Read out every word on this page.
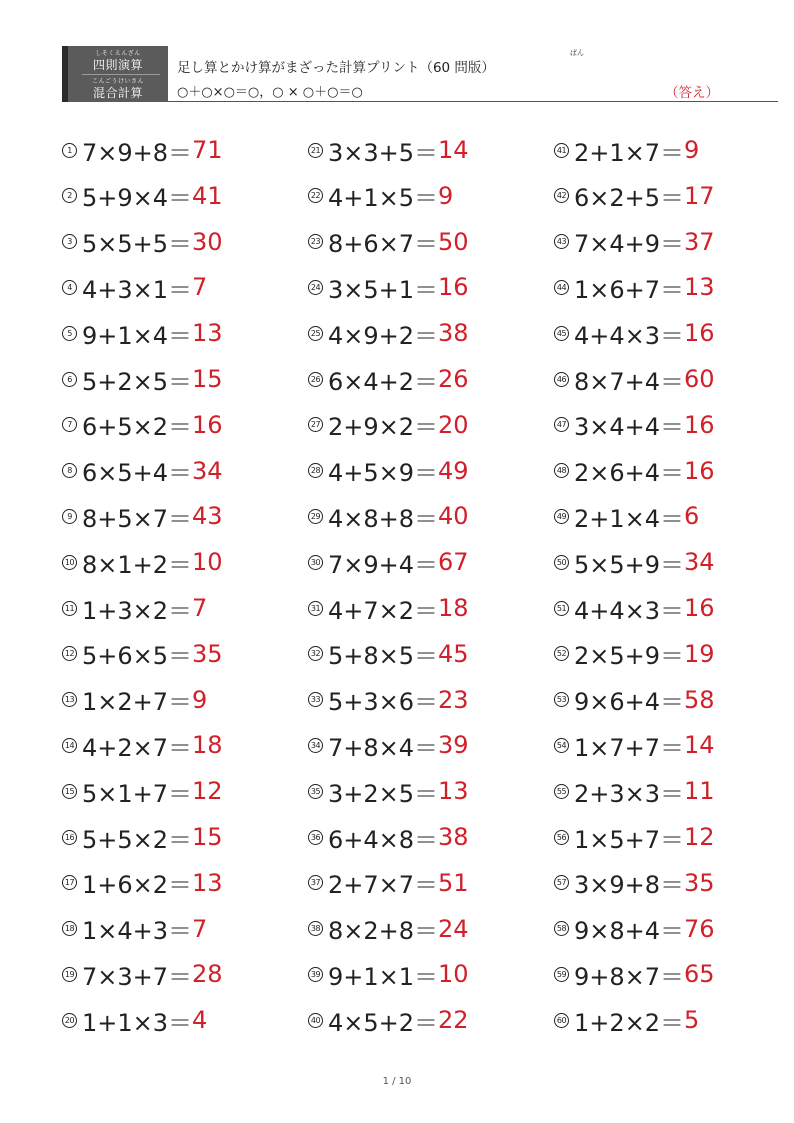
しそくえんざん
四則演算
こんごうけいさん
混合計算
ばん
足し算とかけ算がまざった計算プリント（60 問版）
○＋○×○＝○，○ × ○＋○＝○	（答え）
1 7×9+8＝ 71
2 5+9×4＝ 41
3 5×5+5＝ 30
4 4+3×1＝ 7
5 9+1×4＝ 13
6 5+2×5＝ 15
7 6+5×2＝ 16
8 6×5+4＝ 34
9 8+5×7＝ 43
10 8×1+2＝ 10
11 1+3×2＝ 7
12 5+6×5＝ 35
13 1×2+7＝ 9
14 4+2×7＝ 18
15 5×1+7＝ 12
16 5+5×2＝ 15
17 1+6×2＝ 13
18 1×4+3＝ 7
19 7×3+7＝ 28
20 1+1×3＝ 4
21 3×3+5＝ 14
22 4+1×5＝ 9
23 8+6×7＝ 50
24 3×5+1＝ 16
25 4×9+2＝ 38
26 6×4+2＝ 26
27 2+9×2＝ 20
28 4+5×9＝ 49
29 4×8+8＝ 40
30 7×9+4＝ 67
31 4+7×2＝ 18
32 5+8×5＝ 45
33 5+3×6＝ 23
34 7+8×4＝ 39
35 3+2×5＝ 13
36 6+4×8＝ 38
37 2+7×7＝ 51
38 8×2+8＝ 24
39 9+1×1＝ 10
40 4×5+2＝ 22
41 2+1×7＝ 9
42 6×2+5＝ 17
43 7×4+9＝ 37
44 1×6+7＝ 13
45 4+4×3＝ 16
46 8×7+4＝ 60
47 3×4+4＝ 16
48 2×6+4＝ 16
49 2+1×4＝ 6
50 5×5+9＝ 34
51 4+4×3＝ 16
52 2×5+9＝ 19
53 9×6+4＝ 58
54 1×7+7＝ 14
55 2+3×3＝ 11
56 1×5+7＝ 12
57 3×9+8＝ 35
58 9×8+4＝ 76
59 9+8×7＝ 65
60 1+2×2＝ 5
1 / 10
